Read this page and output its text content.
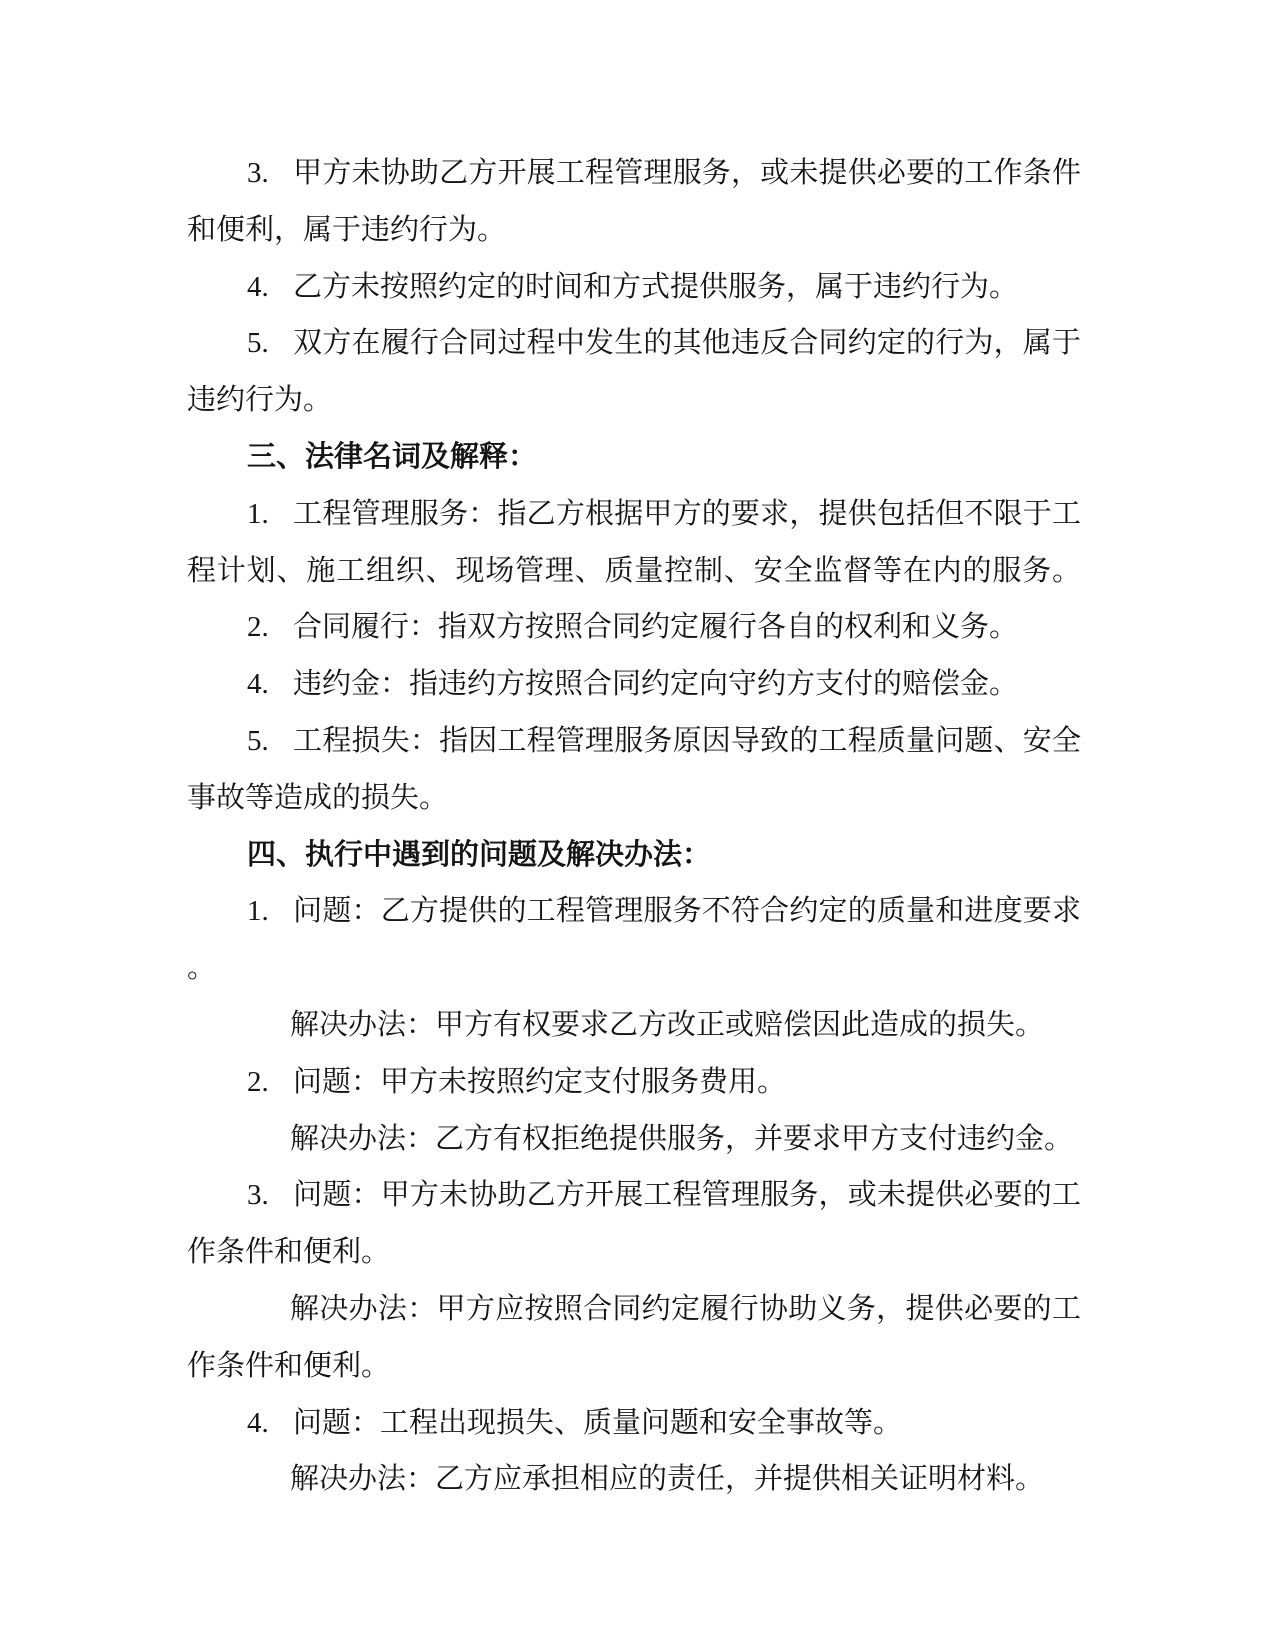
3. 甲方未协助乙方开展工程管理服务，或未提供必要的工作条件
和便利，属于违约行为。
4. 乙方未按照约定的时间和方式提供服务，属于违约行为。
5. 双方在履行合同过程中发生的其他违反合同约定的行为，属于
违约行为。
三、法律名词及解释：
1. 工程管理服务：指乙方根据甲方的要求，提供包括但不限于工
程计划、施工组织、现场管理、质量控制、安全监督等在内的服务。
2. 合同履行：指双方按照合同约定履行各自的权利和义务。
4. 违约金：指违约方按照合同约定向守约方支付的赔偿金。
5. 工程损失：指因工程管理服务原因导致的工程质量问题、安全
事故等造成的损失。
四、执行中遇到的问题及解决办法：
1. 问题：乙方提供的工程管理服务不符合约定的质量和进度要求
。
解决办法：甲方有权要求乙方改正或赔偿因此造成的损失。
2. 问题：甲方未按照约定支付服务费用。
解决办法：乙方有权拒绝提供服务，并要求甲方支付违约金。
3. 问题：甲方未协助乙方开展工程管理服务，或未提供必要的工
作条件和便利。
解决办法：甲方应按照合同约定履行协助义务，提供必要的工
作条件和便利。
4. 问题：工程出现损失、质量问题和安全事故等。
解决办法：乙方应承担相应的责任，并提供相关证明材料。
